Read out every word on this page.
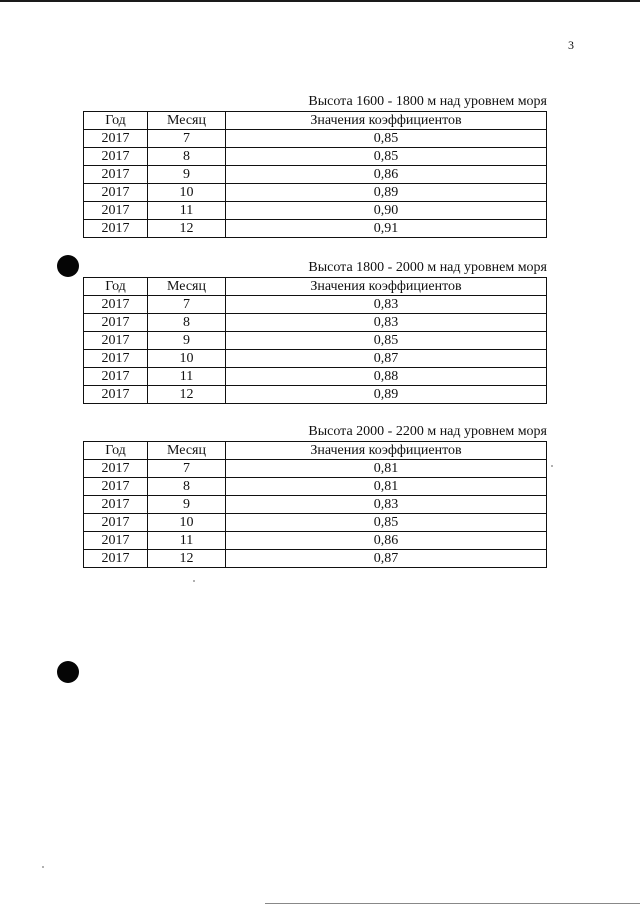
3
Высота 1600 - 1800 м над уровнем моря
Год	Месяц	Значения коэффициентов
2017	7	0,85
2017	8	0,85
2017	9	0,86
2017	10	0,89
2017	11	0,90
2017	12	0,91
Высота 1800 - 2000 м над уровнем моря
Год	Месяц	Значения коэффициентов
2017	7	0,83
2017	8	0,83
2017	9	0,85
2017	10	0,87
2017	11	0,88
2017	12	0,89
Высота 2000 - 2200 м над уровнем моря
Год	Месяц	Значения коэффициентов
2017	7	0,81
2017	8	0,81
2017	9	0,83
2017	10	0,85
2017	11	0,86
2017	12	0,87
